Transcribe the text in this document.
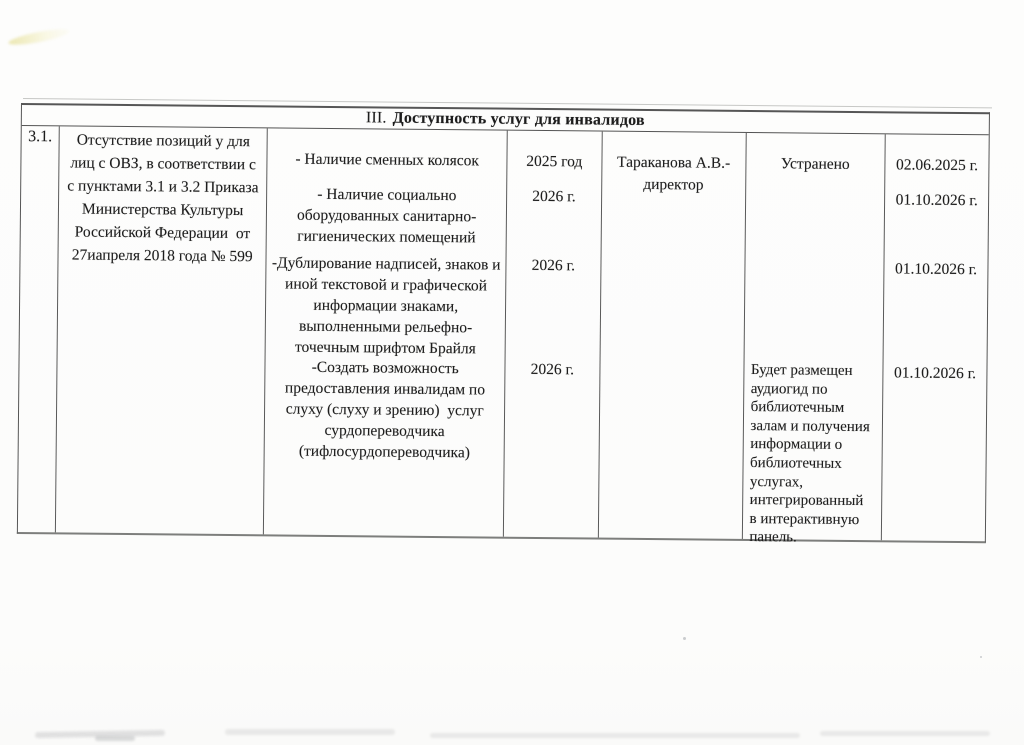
III. Доступность услуг для инвалидов
3.1.	Отсутствие позиций у для лиц с ОВЗ, в соответствии с  с пунктами 3.1 и 3.2 Приказа Министерства Культуры Российской Федерации  от 27иапреля 2018 года № 599
- Наличие сменных колясок
- Наличие социально оборудованных санитарно-гигиенических помещений
-Дублирование надписей, знаков и иной текстовой и графической информации знаками, выполненными рельефно-точечным шрифтом Брайля
-Создать возможность предоставления инвалидам по слуху (слуху и зрению)  услуг сурдопереводчика (тифлосурдопереводчика)
2025 год
2026 г.
2026 г.
2026 г.
Тараканова А.В.- директор
Устранено
Будет размещен аудиогид по библиотечным залам и получения информации о библиотечных услугах, интегрированный в интерактивную панель.
02.06.2025 г.
01.10.2026 г.
01.10.2026 г.
01.10.2026 г.
